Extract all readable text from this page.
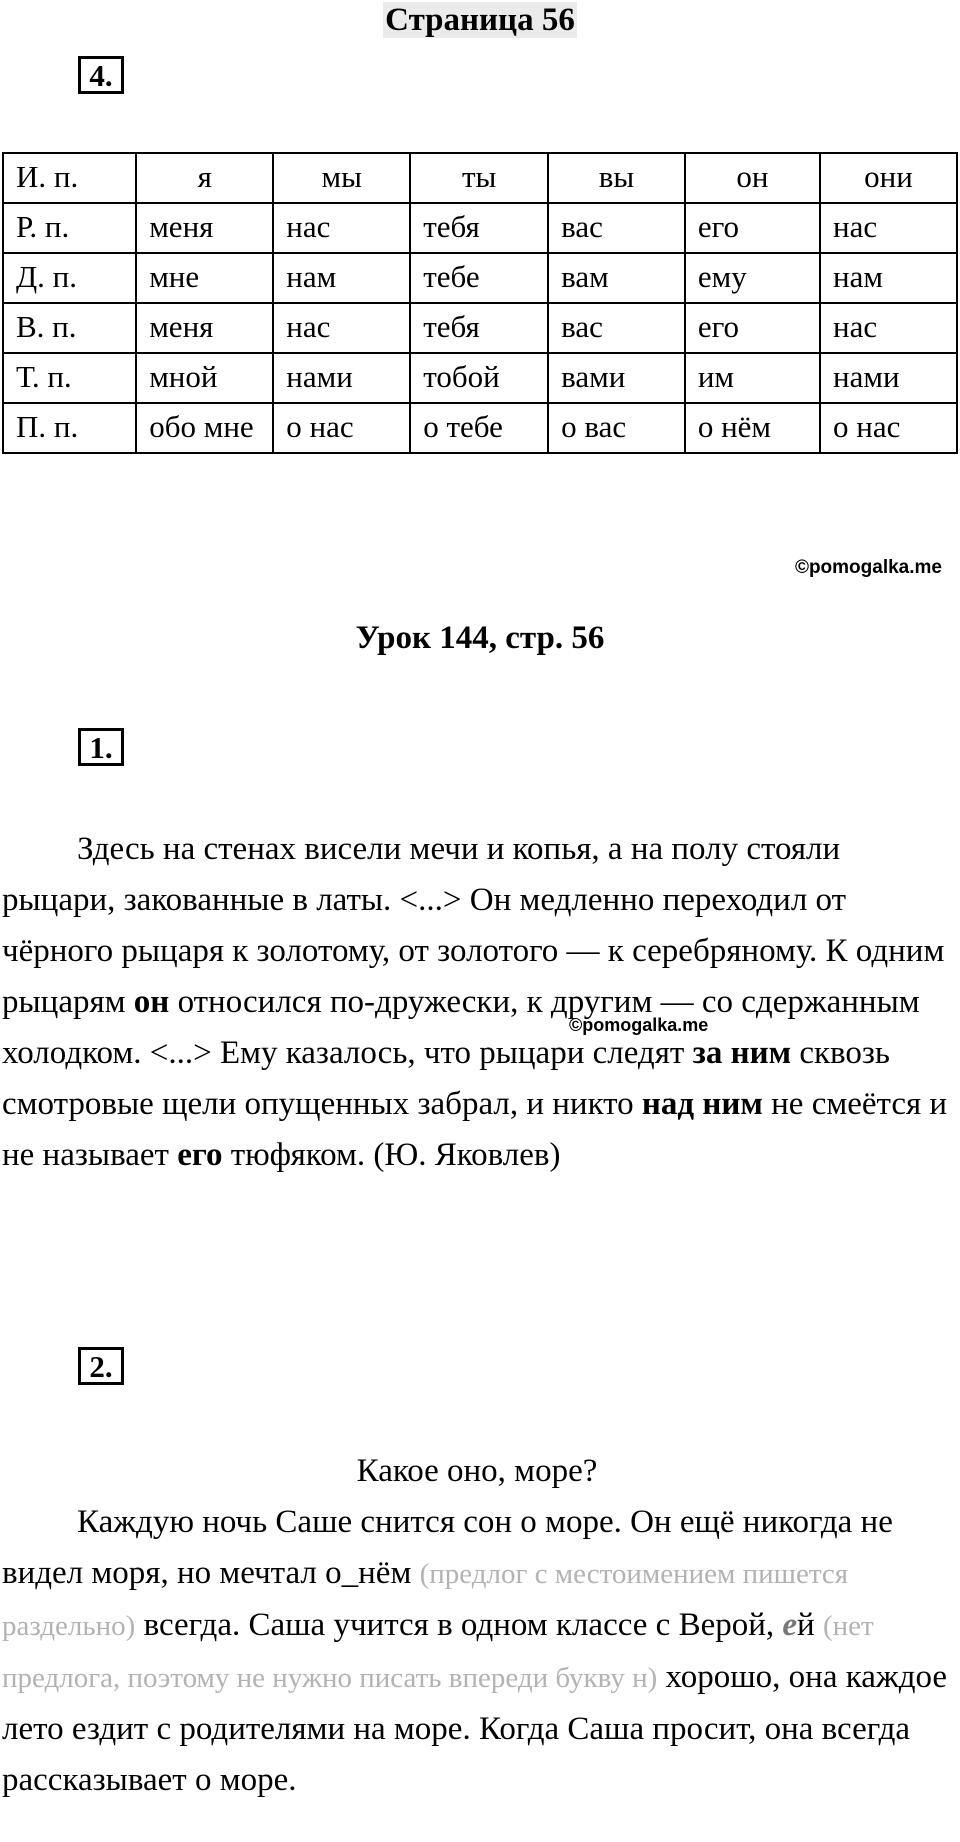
Страница 56
4.
И. п.	я	мы	ты	вы	он	они
Р. п.	меня	нас	тебя	вас	его	нас
Д. п.	мне	нам	тебе	вам	ему	нам
В. п.	меня	нас	тебя	вас	его	нас
Т. п.	мной	нами	тобой	вами	им	нами
П. п.	обо мне	о нас	о тебе	о вас	о нём	о нас
©pomogalka.me
Урок 144, стр. 56
1.

Здесь на стенах висели мечи и копья, а на полу стояли рыцари, закованные в латы. <...> Он медленно переходил от чёрного рыцаря к золотому, от золотого — к серебряному. К одним рыцарям он относился по-дружески, к другим — со сдержанным холодком. <...> Ему казалось, что рыцари следят за ним сквозь смотровые щели опущенных забрал, и никто над ним не смеётся и не называет его тюфяком. (Ю. Яковлев)

©pomogalka.me
2.

Какое оно, море?

Каждую ночь Саше снится сон о море. Он ещё никогда не видел моря, но мечтал о_нём (предлог с местоимением пишется раздельно) всегда. Саша учится в одном классе с Верой, ей (нет предлога, поэтому не нужно писать впереди букву н) хорошо, она каждое лето ездит с родителями на море. Когда Саша просит, она всегда рассказывает о море.
